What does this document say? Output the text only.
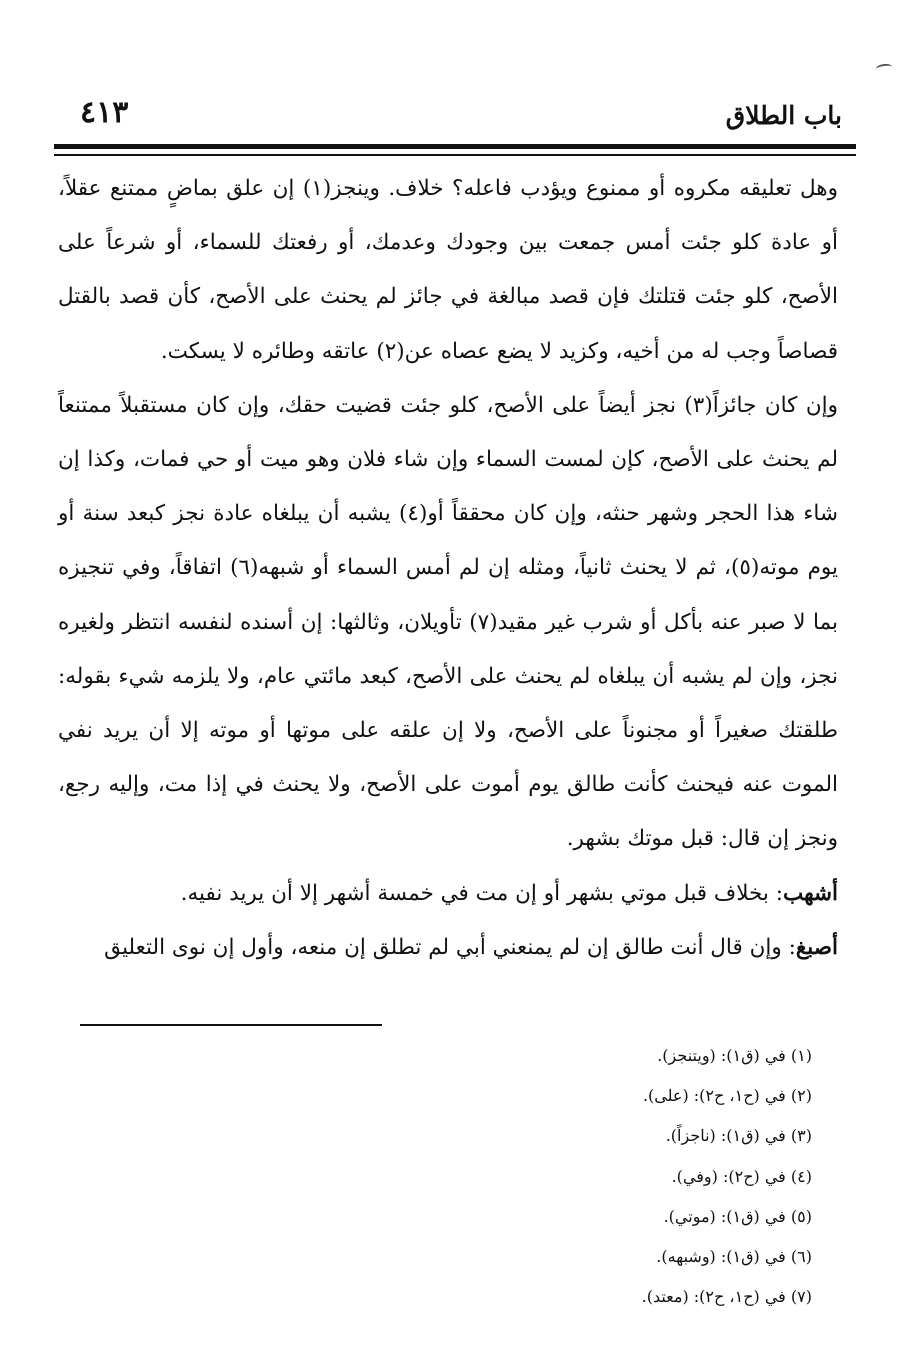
باب الطلاق
٤١٣

وهل تعليقه مكروه أو ممنوع ويؤدب فاعله؟ خلاف. وينجز(١) إن علق بماضٍ ممتنع عقلاً، أو عادة كلو جئت أمس جمعت بين وجودك وعدمك، أو رفعتك للسماء، أو شرعاً على الأصح، كلو جئت قتلتك فإن قصد مبالغة في جائز لم يحنث على الأصح، كأن قصد بالقتل قصاصاً وجب له من أخيه، وكزيد لا يضع عصاه عن(٢) عاتقه وطائره لا يسكت.

وإن كان جائزاً(٣) نجز أيضاً على الأصح، كلو جئت قضيت حقك، وإن كان مستقبلاً ممتنعاً لم يحنث على الأصح، كإن لمست السماء وإن شاء فلان وهو ميت أو حي فمات، وكذا إن شاء هذا الحجر وشهر حنثه، وإن كان محققاً أو(٤) يشبه أن يبلغاه عادة نجز كبعد سنة أو يوم موته(٥)، ثم لا يحنث ثانياً، ومثله إن لم أمس السماء أو شبهه(٦) اتفاقاً، وفي تنجيزه بما لا صبر عنه بأكل أو شرب غير مقيد(٧) تأويلان، وثالثها: إن أسنده لنفسه انتظر ولغيره نجز، وإن لم يشبه أن يبلغاه لم يحنث على الأصح، كبعد مائتي عام، ولا يلزمه شيء بقوله: طلقتك صغيراً أو مجنوناً على الأصح، ولا إن علقه على موتها أو موته إلا أن يريد نفي الموت عنه فيحنث كأنت طالق يوم أموت على الأصح، ولا يحنث في إذا مت، وإليه رجع، ونجز إن قال: قبل موتك بشهر.

أشهب: بخلاف قبل موتي بشهر أو إن مت في خمسة أشهر إلا أن يريد نفيه.

أصبغ: وإن قال أنت طالق إن لم يمنعني أبي لم تطلق إن منعه، وأول إن نوى التعليق

(١) في (ق١): (ويتنجز).
(٢) في (ح١، ح٢): (على).
(٣) في (ق١): (ناجزاً).
(٤) في (ح٢): (وفي).
(٥) في (ق١): (موتي).
(٦) في (ق١): (وشبهه).
(٧) في (ح١، ح٢): (معتد).
